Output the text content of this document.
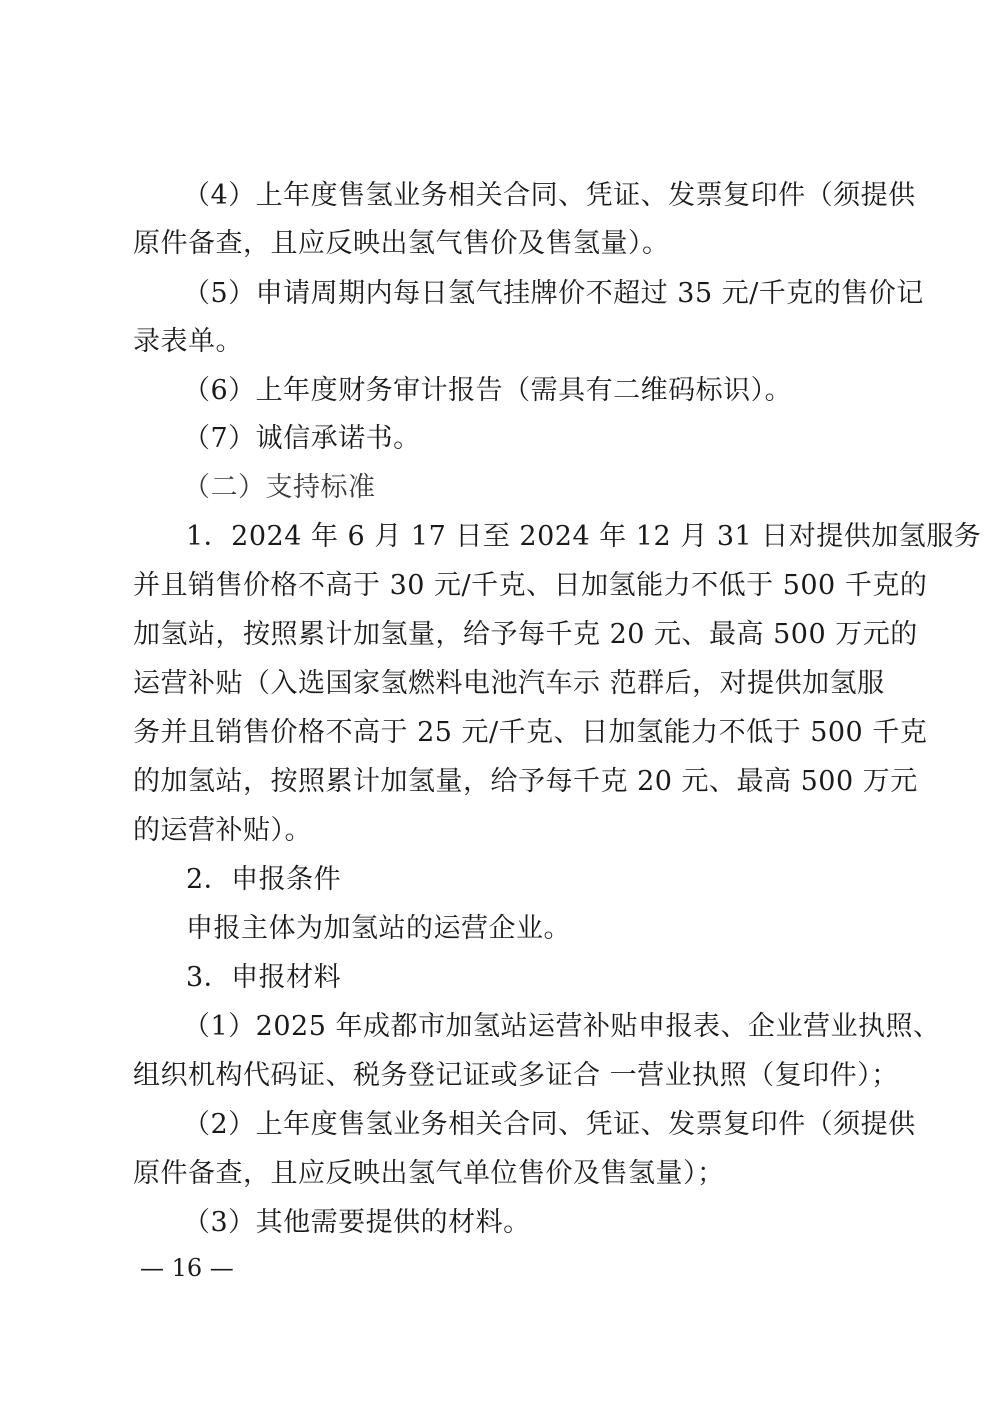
（4）上年度售氢业务相关合同、凭证、发票复印件（须提供
原件备查，且应反映出氢气售价及售氢量）。
（5）申请周期内每日氢气挂牌价不超过 35 元/千克的售价记
录表单。
（6）上年度财务审计报告（需具有二维码标识）。
（7）诚信承诺书。
（二）支持标准
1．2024 年 6 月 17 日至 2024 年 12 月 31 日对提供加氢服务
并且销售价格不高于 30 元/千克、日加氢能力不低于 500 千克的
加氢站，按照累计加氢量，给予每千克 20 元、最高 500 万元的
运营补贴（入选国家氢燃料电池汽车示 范群后，对提供加氢服
务并且销售价格不高于 25 元/千克、日加氢能力不低于 500 千克
的加氢站，按照累计加氢量，给予每千克 20 元、最高 500 万元
的运营补贴）。
2．申报条件
申报主体为加氢站的运营企业。
3．申报材料
（1）2025 年成都市加氢站运营补贴申报表、企业营业执照、
组织机构代码证、税务登记证或多证合 一营业执照（复印件）；
（2）上年度售氢业务相关合同、凭证、发票复印件（须提供
原件备查，且应反映出氢气单位售价及售氢量）；
（3）其他需要提供的材料。
— 16 —
